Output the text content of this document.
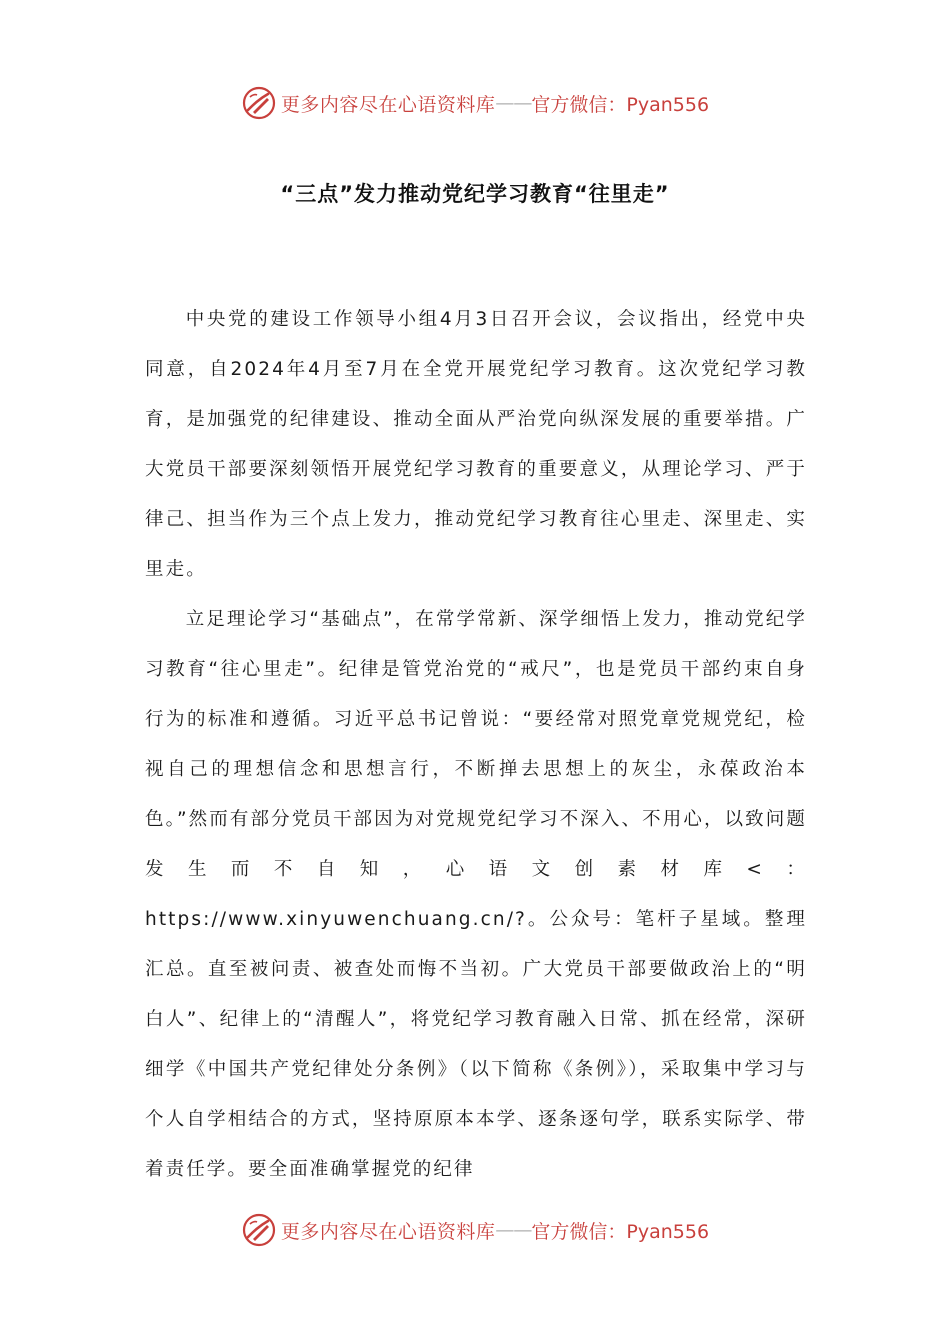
更多内容尽在心语资料库 —— 官方微信：Pyan556
“三点”发力推动党纪学习教育“往里走”

中央党的建设工作领导小组4月3日召开会议，会议指出，经党中央同意，自2024年4月至7月在全党开展党纪学习教育。这次党纪学习教育，是加强党的纪律建设、推动全面从严治党向纵深发展的重要举措。广大党员干部要深刻领悟开展党纪学习教育的重要意义，从理论学习、严于律己、担当作为三个点上发力，推动党纪学习教育往心里走、深里走、实里走。

立足理论学习“基础点”，在常学常新、深学细悟上发力，推动党纪学习教育“往心里走”。纪律是管党治党的“戒尺”，也是党员干部约束自身行为的标准和遵循。习近平总书记曾说：“要经常对照党章党规党纪，检视自己的理想信念和思想言行，不断掸去思想上的灰尘，永葆政治本色。”然而有部分党员干部因为对党规党纪学习不深入、不用心，以致问题发生而不自知，心语文创素材库<：https://www.xinyuwenchuang.cn/?。公众号：笔杆子星域。整理汇总。直至被问责、被查处而悔不当初。广大党员干部要做政治上的“明白人”、纪律上的“清醒人”，将党纪学习教育融入日常、抓在经常，深研细学《中国共产党纪律处分条例》（以下简称《条例》），采取集中学习与个人自学相结合的方式，坚持原原本本学、逐条逐句学，联系实际学、带着责任学。要全面准确掌握党的纪律

更多内容尽在心语资料库 —— 官方微信：Pyan556
